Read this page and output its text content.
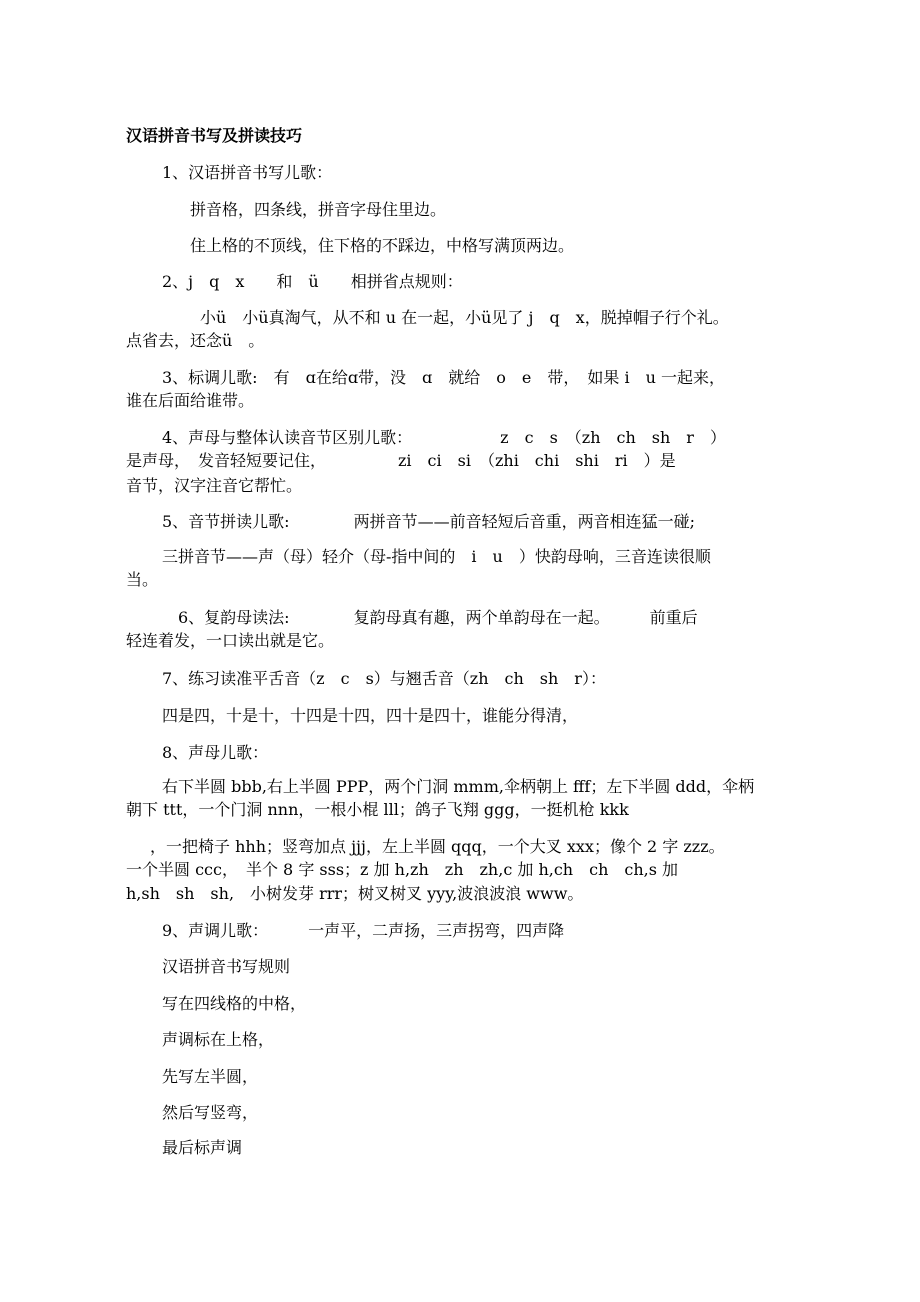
汉语拼音书写及拼读技巧
1、汉语拼音书写儿歌：
拼音格，四条线，拼音字母住里边。
住上格的不顶线，住下格的不踩边，中格写满顶两边。
2、j　q　x　　和　ü　　相拼省点规则：
小ü　小ü真淘气，从不和 u 在一起，小ü见了 j　q　x，脱掉帽子行个礼。
点省去，还念ü　。
3、标调儿歌:　有　ɑ在给ɑ带，没　ɑ　就给　o　e　带，　如果 i　u 一起来，
谁在后面给谁带。
4、声母与整体认读音节区别儿歌：　　　　　　z　c　s　（zh　ch　sh　r　）
是声母，　发音轻短要记住，　　　　　zi　ci　si　（zhi　chi　shi　ri　）是
音节，汉字注音它帮忙。
5、音节拼读儿歌:　　　　两拼音节——前音轻短后音重，两音相连猛一碰;
三拼音节——声（母）轻介（母-指中间的　i　u　）快韵母响，三音连读很顺
当。
6、复韵母读法:　　　　复韵母真有趣，两个单韵母在一起。　　　前重后
轻连着发，一口读出就是它。
7、练习读准平舌音（z　c　s）与翘舌音（zh　ch　sh　r）：
四是四，十是十，十四是十四，四十是四十，谁能分得清，
8、声母儿歌：
右下半圆 bbb,右上半圆 PPP，两个门洞 mmm,伞柄朝上 fff；左下半圆 ddd，伞柄
朝下 ttt，一个门洞 nnn，一根小棍 lll；鸽子飞翔 ggg，一挺机枪 kkk
，一把椅子 hhh；竖弯加点 jjj，左上半圆 qqq，一个大叉 xxx；像个 2 字 zzz。
一个半圆 ccc，　半个 8 字 sss；z 加 h,zh　zh　zh,c 加 h,ch　ch　ch,s 加
h,sh　sh　sh,　小树发芽 rrr；树叉树叉 yyy,波浪波浪 www。
9、声调儿歌：　　　一声平，二声扬，三声拐弯，四声降
汉语拼音书写规则
写在四线格的中格，
声调标在上格，
先写左半圆，
然后写竖弯，
最后标声调
